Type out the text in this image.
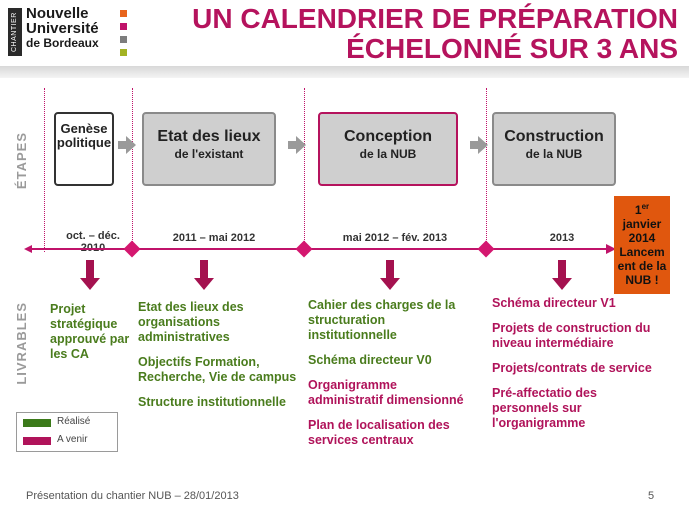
CHANTIER Nouvelle
Université
de Bordeaux
UN CALENDRIER DE PRÉPARATION
ÉCHELONNÉ SUR 3 ANS
ÉTAPES
LIVRABLES
Genèse politique	Etat des lieux
de l'existant
Conception
de la NUB
Construction
de la NUB
oct. – déc.	2011 – mai 2012	mai 2012 – fév. 2013	2013
1er
janvier
2014
Lancem
ent de la
NUB !

Projet stratégique approuvé par les CA

Etat des lieux des organisations administratives

Objectifs Formation, Recherche, Vie de campus

Structure institutionnelle

Cahier des charges de la structuration institutionnelle

Schéma directeur V0

Organigramme administratif dimensionné

Plan de localisation des services centraux

Schéma directeur V1

Projets de construction du niveau intermédiaire

Projets/contrats de service

Pré-affectatio des personnels sur l'organigramme

Réalisé
A venir
Présentation du chantier NUB – 28/01/2013	5
